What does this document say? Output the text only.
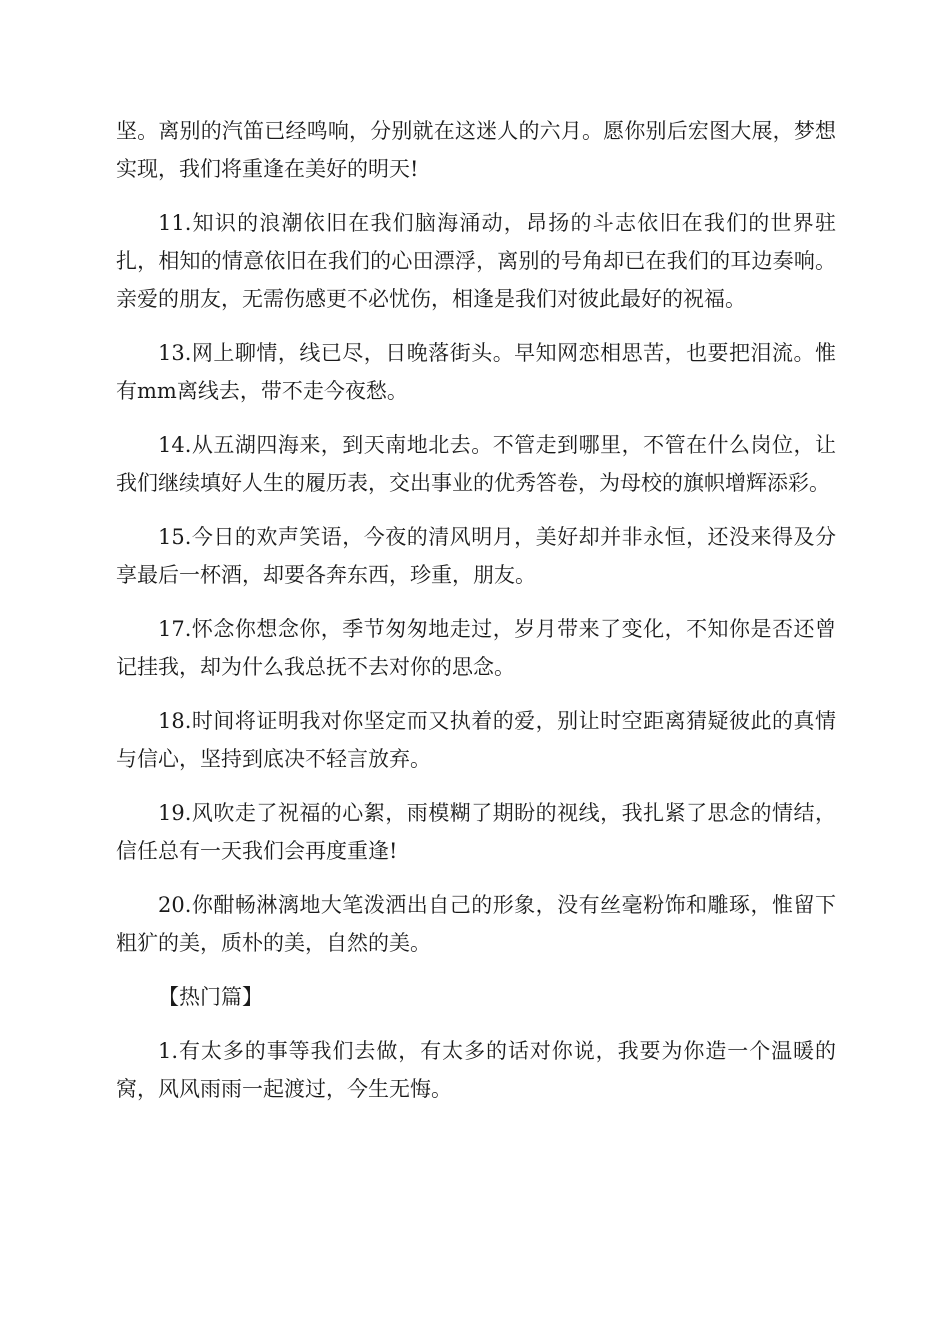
坚。离别的汽笛已经鸣响，分别就在这迷人的六月。愿你别后宏图大展，梦想实现，我们将重逢在美好的明天!

11.知识的浪潮依旧在我们脑海涌动，昂扬的斗志依旧在我们的世界驻扎，相知的情意依旧在我们的心田漂浮，离别的号角却已在我们的耳边奏响。亲爱的朋友，无需伤感更不必忧伤，相逢是我们对彼此最好的祝福。

13.网上聊情，线已尽，日晚落街头。早知网恋相思苦，也要把泪流。惟有mm离线去，带不走今夜愁。

14.从五湖四海来，到天南地北去。不管走到哪里，不管在什么岗位，让我们继续填好人生的履历表，交出事业的优秀答卷，为母校的旗帜增辉添彩。

15.今日的欢声笑语，今夜的清风明月，美好却并非永恒，还没来得及分享最后一杯酒，却要各奔东西，珍重，朋友。

17.怀念你想念你，季节匆匆地走过，岁月带来了变化，不知你是否还曾记挂我，却为什么我总抚不去对你的思念。

18.时间将证明我对你坚定而又执着的爱，别让时空距离猜疑彼此的真情与信心，坚持到底决不轻言放弃。

19.风吹走了祝福的心絮，雨模糊了期盼的视线，我扎紧了思念的情结，信任总有一天我们会再度重逢!

20.你酣畅淋漓地大笔泼洒出自己的形象，没有丝毫粉饰和雕琢，惟留下粗犷的美，质朴的美，自然的美。

【热门篇】

1.有太多的事等我们去做，有太多的话对你说，我要为你造一个温暖的窝，风风雨雨一起渡过，今生无悔。
